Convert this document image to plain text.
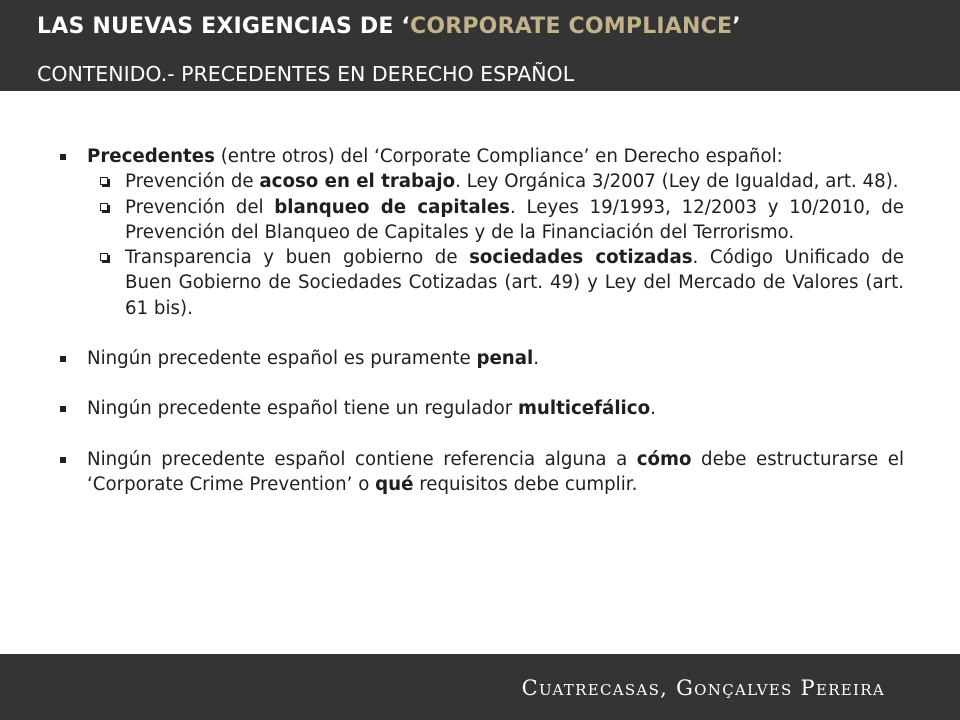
LAS NUEVAS EXIGENCIAS DE ‘CORPORATE COMPLIANCE’
CONTENIDO.- PRECEDENTES EN DERECHO ESPAÑOL
Precedentes (entre otros) del ‘Corporate Compliance’ en Derecho español:
Prevención de acoso en el trabajo. Ley Orgánica 3/2007 (Ley de Igualdad, art. 48).
Prevención del blanqueo de capitales. Leyes 19/1993, 12/2003 y 10/2010, de Prevención del Blanqueo de Capitales y de la Financiación del Terrorismo.
Transparencia y buen gobierno de sociedades cotizadas. Código Unificado de Buen Gobierno de Sociedades Cotizadas (art. 49) y Ley del Mercado de Valores (art. 61 bis).
Ningún precedente español es puramente penal.
Ningún precedente español tiene un regulador multicefálico.
Ningún precedente español contiene referencia alguna a cómo debe estructurarse el ‘Corporate Crime Prevention’ o qué requisitos debe cumplir.
Cuatrecasas, Gonçalves Pereira
